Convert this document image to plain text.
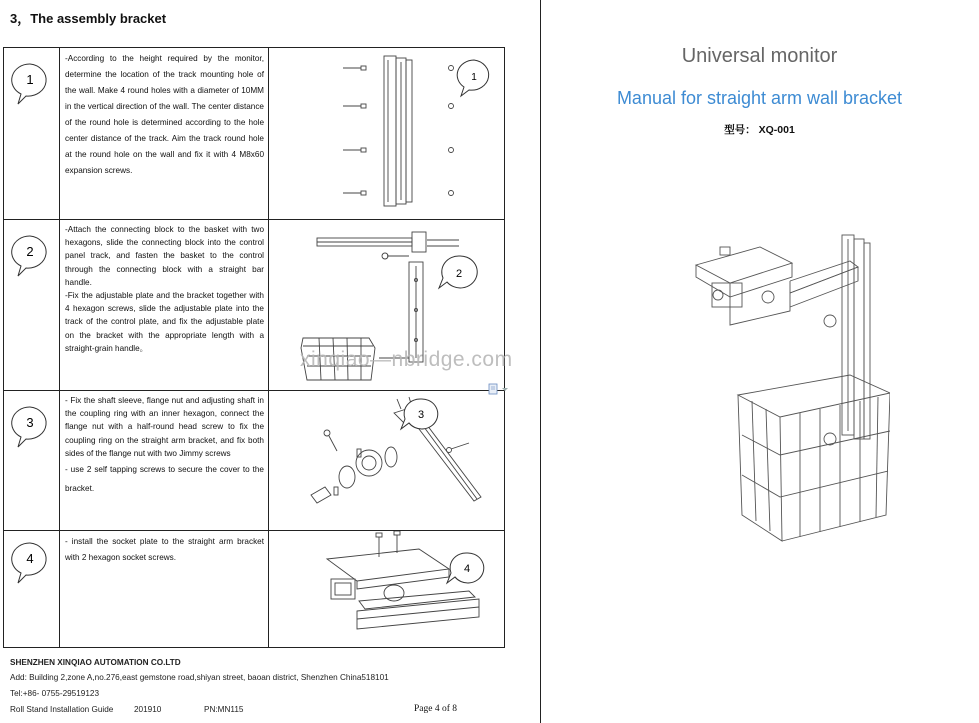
3，The assembly bracket
1	-According to the height required by the monitor, determine the location of the track mounting hole of the wall. Make 4 round holes with a diameter of 10MM in the vertical direction of the wall. The center distance of the round hole is determined according to the hole center distance of the track. Aim the track round hole at the round hole on the wall and fix it with 4 M8x60 expansion screws.	1

2	-Attach the connecting block to the basket with two hexagons, slide the connecting block into the control panel track, and fasten the basket to the control through the connecting block with a straight bar handle.

-Fix the adjustable plate and the bracket together with 4 hexagon screws, slide the adjustable plate into the track of the control plate, and fix the adjustable plate on the bracket with the appropriate length with a straight-grain handle。	2

3	- Fix the shaft sleeve, flange nut and adjusting shaft in the coupling ring with an inner hexagon, connect the flange nut with a half-round head screw to fix the coupling ring on the straight arm bracket, and fix both sides of the flange nut with two Jimmy screws

- use 2 self tapping screws to secure the cover to the bracket.	3

4	- install the socket plate to the straight arm bracket with 2 hexagon socket screws.	4
SHENZHEN XINQIAO AUTOMATION CO.LTD
Add: Building 2,zone A,no.276,east gemstone road,shiyan street, baoan district, Shenzhen China518101
Tel:+86- 0755-29519123
Roll Stand Installation Guide	201910	PN:MN115	Page 4 of 8
Universal monitor
Manual for straight arm wall bracket
型号： XQ-001
xinqiao—nbridge.com
